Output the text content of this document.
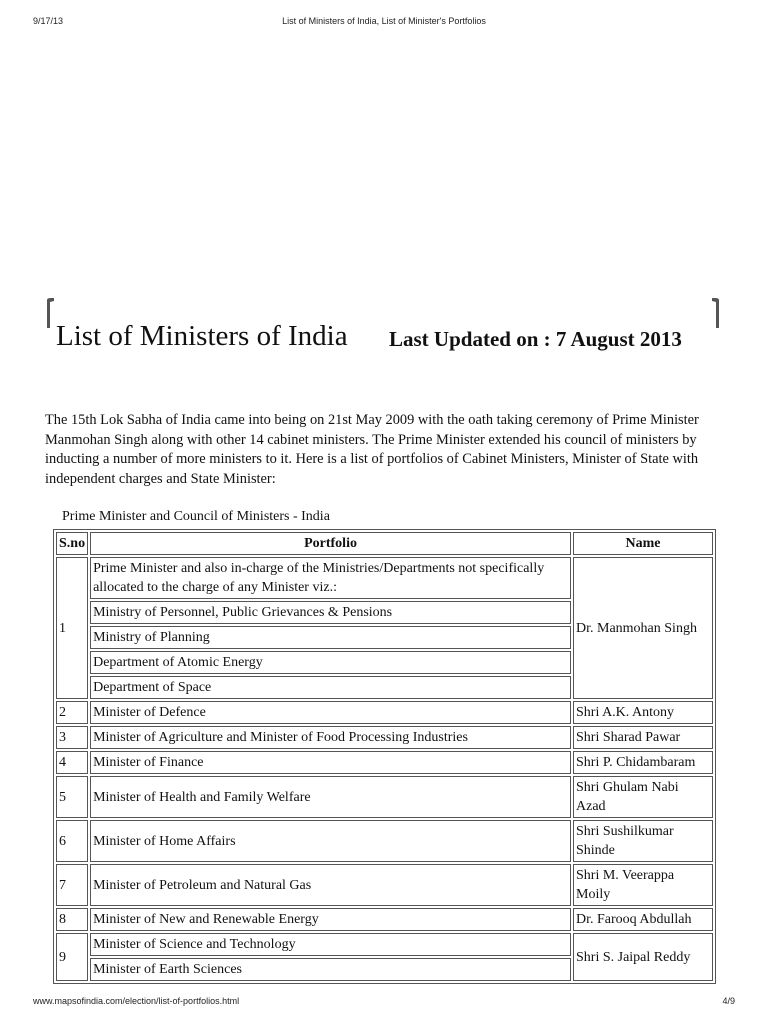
9/17/13	List of Ministers of India, List of Minister's Portfolios
List of Ministers of India	Last Updated on : 7 August 2013

The 15th Lok Sabha of India came into being on 21st May 2009 with the oath taking ceremony of Prime Minister Manmohan Singh along with other 14 cabinet ministers. The Prime Minister extended his council of ministers by inducting a number of more ministers to it. Here is a list of portfolios of Cabinet Ministers, Minister of State with independent charges and State Minister:

Prime Minister and Council of Ministers - India

S.no	Portfolio	Name
1	Prime Minister and also in-charge of the Ministries/Departments not specifically allocated to the charge of any Minister viz.:	Dr. Manmohan Singh
	Ministry of Personnel, Public Grievances & Pensions	
	Ministry of Planning	
	Department of Atomic Energy	
	Department of Space	
2	Minister of Defence	Shri A.K. Antony
3	Minister of Agriculture and Minister of Food Processing Industries	Shri Sharad Pawar
4	Minister of Finance	Shri P. Chidambaram
5	Minister of Health and Family Welfare	Shri Ghulam Nabi Azad
6	Minister of Home Affairs	Shri Sushilkumar Shinde
7	Minister of Petroleum and Natural Gas	Shri M. Veerappa Moily
8	Minister of New and Renewable Energy	Dr. Farooq Abdullah
9	Minister of Science and Technology	Shri S. Jaipal Reddy
	Minister of Earth Sciences	
www.mapsofindia.com/election/list-of-portfolios.html	4/9
